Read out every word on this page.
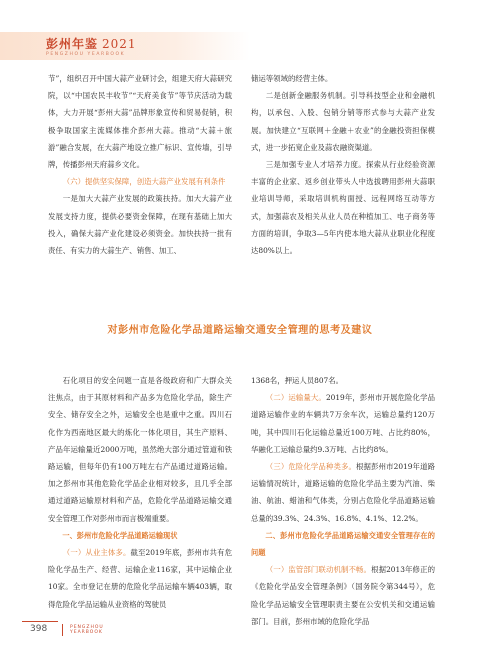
彭州年鉴 2021
PENGZHOU YEARBOOK

节”，组织召开中国大蒜产业研讨会，组建天府大蒜研究院，以“中国农民丰收节”“天府美食节”等节庆活动为载体，大力开展“彭州大蒜”品牌形象宣传和贸易促销，积极争取国家主流媒体推介彭州大蒜。推动“大蒜＋旅游”融合发展，在大蒜产地设立推广标识、宣传墙，引导牌，传播彭州天府蒜乡文化。

（六）提供坚实保障，创造大蒜产业发展有利条件

一是加大大蒜产业发展的政策扶持。加大大蒜产业发展支持力度，提供必要资金保障，在现有基础上加大投入，确保大蒜产业化建设必须资金。加快扶持一批有责任、有实力的大蒜生产、销售、加工、

储运等领域的经营主体。

二是创新金融服务机制。引导科技型企业和金融机构，以承包、入股、包销分销等形式参与大蒜产业发展。加快建立“互联网＋金融＋农业”的金融投资担保模式，进一步拓宽企业及蒜农融资渠道。

三是加强专业人才培养力度。探索从行业经验资源丰富的企业家、返乡创业带头人中选拔聘用彭州大蒜职业培训导师，采取培训机构面授、远程网络互动等方式，加强蒜农及相关从业人员在种植加工、电子商务等方面的培训，争取3—5年内使本地大蒜从业职业化程度达80%以上。

对彭州市危险化学品道路运输交通安全管理的思考及建议

石化项目的安全问题一直是各级政府和广大群众关注焦点，由于其原材料和产品多为危险化学品，除生产安全、储存安全之外，运输安全也是重中之重。四川石化作为西南地区最大的炼化一体化项目，其生产原料、产品年运输量近2000万吨，虽然绝大部分通过管道和铁路运输，但每年仍有100万吨左右产品通过道路运输。加之彭州市其他危险化学品企业相对较多，且几乎全部通过道路运输原材料和产品，危险化学品道路运输交通安全管理工作对彭州市而言极端重要。

一、彭州市危险化学品道路运输现状

（一）从业主体多。截至2019年底，彭州市共有危险化学品生产、经营、运输企业116家，其中运输企业10家。全市登记在册的危险化学品运输车辆403辆，取得危险化学品运输从业资格的驾驶员

1368名，押运人员807名。

（二）运输量大。2019年，彭州市开展危险化学品道路运输作业的车辆共7万余车次，运输总量约120万吨，其中四川石化运输总量近100万吨、占比约80%，华融化工运输总量约9.3万吨、占比约8%。

（三）危险化学品种类多。根据彭州市2019年道路运输情况统计，道路运输的危险化学品主要为汽油、柴油、航油、蜡油和气体类，分别占危险化学品道路运输总量的39.3%、24.3%、16.8%、4.1%、12.2%。

二、彭州市危险化学品道路运输交通安全管理存在的问题

（一）监管部门联动机制不畅。根据2013年修正的《危险化学品安全管理条例》（国务院令第344号），危险化学品运输安全管理职责主要在公安机关和交通运输部门。目前，彭州市域的危险化学品

398	PENGZHOU
YEARBOOK
